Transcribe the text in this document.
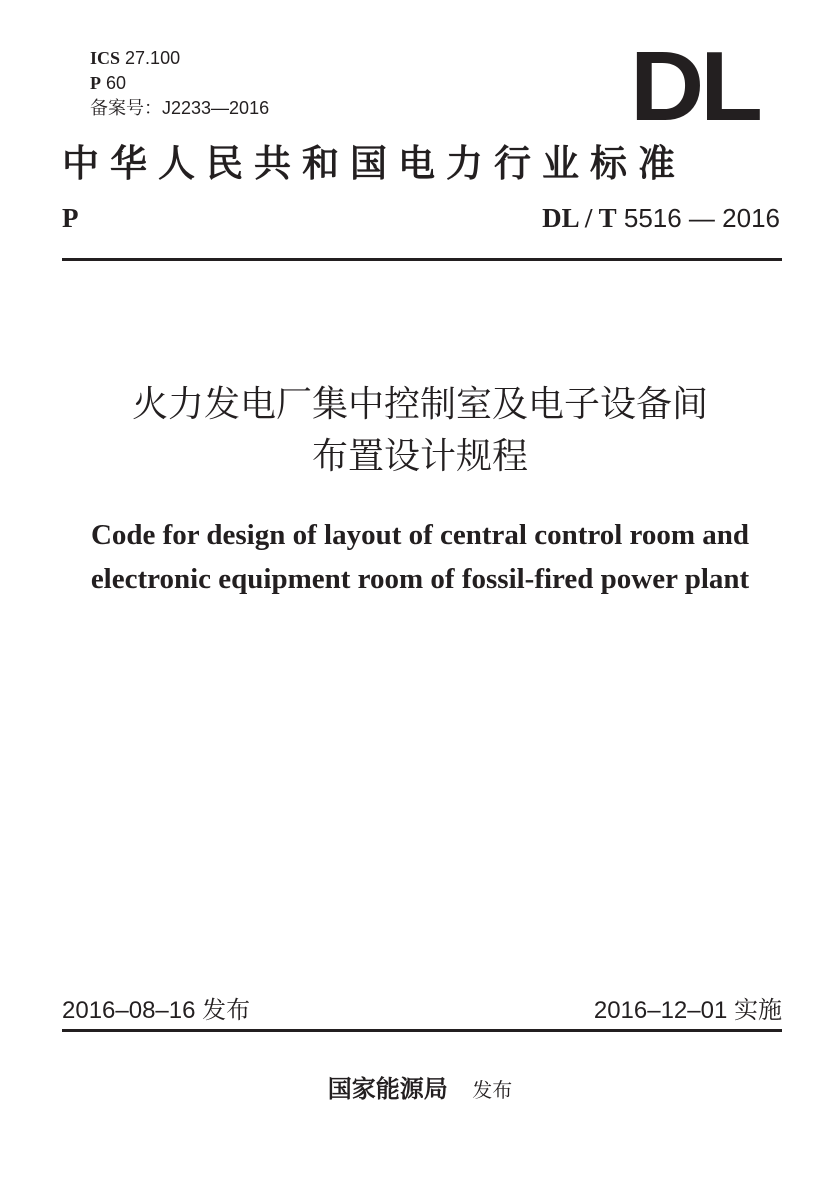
ICS 27.100
P 60
备案号：J2233—2016	DL
中华人民共和国电力行业标准
P	DL / T 5516 — 2016
火力发电厂集中控制室及电子设备间
布置设计规程
Code for design of layout of central control room and
electronic equipment room of fossil-fired power plant
2016–08–16 发布	2016–12–01 实施
国家能源局 发布
